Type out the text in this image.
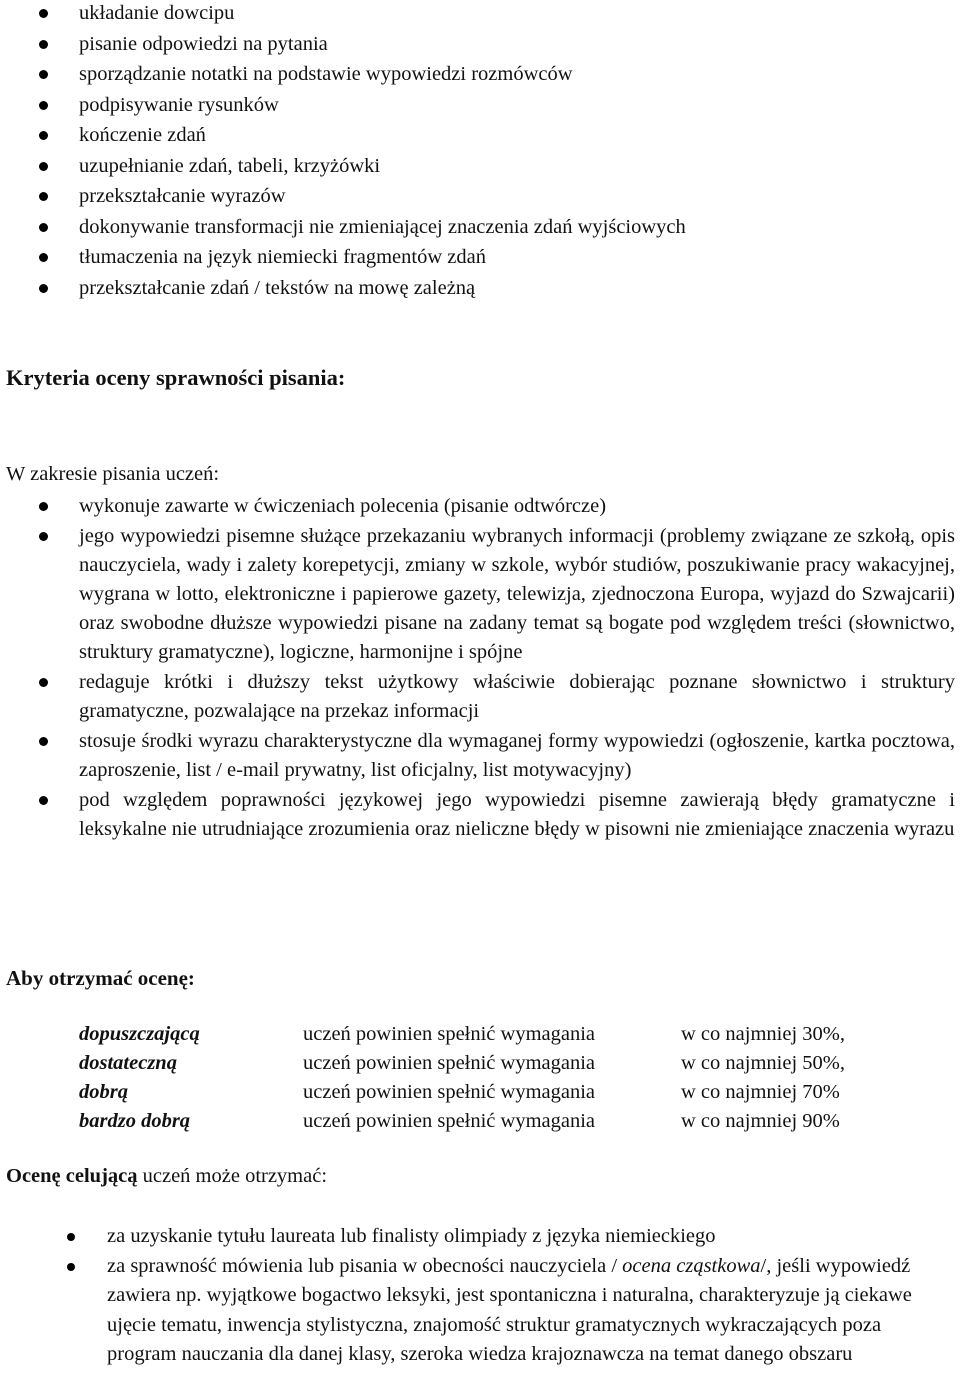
układanie dowcipu
pisanie odpowiedzi na pytania
sporządzanie notatki na podstawie wypowiedzi rozmówców
podpisywanie rysunków
kończenie zdań
uzupełnianie zdań, tabeli, krzyżówki
przekształcanie wyrazów
dokonywanie transformacji nie zmieniającej znaczenia zdań wyjściowych
tłumaczenia na język niemiecki fragmentów zdań
przekształcanie zdań / tekstów na mowę zależną
Kryteria oceny sprawności pisania:
W zakresie pisania uczeń:
wykonuje zawarte w ćwiczeniach polecenia (pisanie odtwórcze)
jego wypowiedzi pisemne służące przekazaniu wybranych informacji (problemy związane ze szkołą, opis nauczyciela, wady i zalety korepetycji, zmiany w szkole, wybór studiów, poszukiwanie pracy wakacyjnej, wygrana w lotto, elektroniczne i papierowe gazety, telewizja, zjednoczona Europa, wyjazd do Szwajcarii) oraz swobodne dłuższe wypowiedzi pisane na zadany temat są bogate pod względem treści (słownictwo, struktury gramatyczne), logiczne, harmonijne i spójne
redaguje krótki i dłuższy tekst użytkowy właściwie dobierając poznane słownictwo i struktury gramatyczne, pozwalające na przekaz informacji
stosuje środki wyrazu charakterystyczne dla wymaganej formy wypowiedzi (ogłoszenie, kartka pocztowa, zaproszenie, list / e-mail prywatny, list oficjalny, list motywacyjny)
pod względem poprawności językowej jego wypowiedzi pisemne zawierają błędy gramatyczne i leksykalne nie utrudniające zrozumienia oraz nieliczne błędy w pisowni nie zmieniające znaczenia wyrazu
Aby otrzymać ocenę:
dopuszczającą	uczeń powinien spełnić wymagania	w co najmniej 30%,
dostateczną	uczeń powinien spełnić wymagania	w co najmniej 50%,
dobrą	uczeń powinien spełnić wymagania	w co najmniej 70%
bardzo dobrą	uczeń powinien spełnić wymagania	w co najmniej 90%
Ocenę celującą uczeń może otrzymać:
za uzyskanie tytułu laureata lub finalisty olimpiady z języka niemieckiego
za sprawność mówienia lub pisania w obecności nauczyciela / ocena cząstkowa/, jeśli wypowiedź zawiera np. wyjątkowe bogactwo leksyki, jest spontaniczna i naturalna, charakteryzuje ją ciekawe ujęcie tematu, inwencja stylistyczna, znajomość struktur gramatycznych wykraczających poza program nauczania dla danej klasy, szeroka wiedza krajoznawcza na temat danego obszaru
